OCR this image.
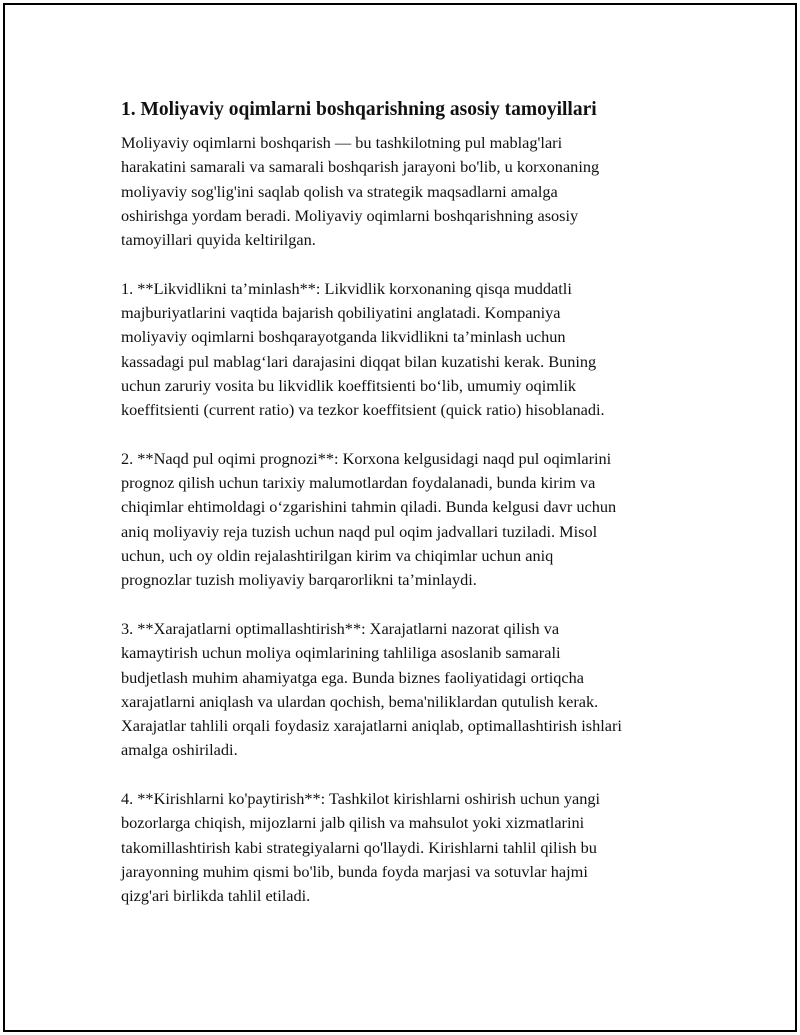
1. Moliyaviy oqimlarni boshqarishning asosiy tamoyillari
Moliyaviy oqimlarni boshqarish — bu tashkilotning pul mablag'lari
harakatini samarali va samarali boshqarish jarayoni bo'lib, u korxonaning
moliyaviy sog'lig'ini saqlab qolish va strategik maqsadlarni amalga
oshirishga yordam beradi. Moliyaviy oqimlarni boshqarishning asosiy
tamoyillari quyida keltirilgan.
1. **Likvidlikni ta’minlash**: Likvidlik korxonaning qisqa muddatli
majburiyatlarini vaqtida bajarish qobiliyatini anglatadi. Kompaniya
moliyaviy oqimlarni boshqarayotganda likvidlikni ta’minlash uchun
kassadagi pul mablag‘lari darajasini diqqat bilan kuzatishi kerak. Buning
uchun zaruriy vosita bu likvidlik koeffitsienti bo‘lib, umumiy oqimlik
koeffitsienti (current ratio) va tezkor koeffitsient (quick ratio) hisoblanadi.
2. **Naqd pul oqimi prognozi**: Korxona kelgusidagi naqd pul oqimlarini
prognoz qilish uchun tarixiy malumotlardan foydalanadi, bunda kirim va
chiqimlar ehtimoldagi o‘zgarishini tahmin qiladi. Bunda kelgusi davr uchun
aniq moliyaviy reja tuzish uchun naqd pul oqim jadvallari tuziladi. Misol
uchun, uch oy oldin rejalashtirilgan kirim va chiqimlar uchun aniq
prognozlar tuzish moliyaviy barqarorlikni ta’minlaydi.
3. **Xarajatlarni optimallashtirish**: Xarajatlarni nazorat qilish va
kamaytirish uchun moliya oqimlarining tahliliga asoslanib samarali
budjetlash muhim ahamiyatga ega. Bunda biznes faoliyatidagi ortiqcha
xarajatlarni aniqlash va ulardan qochish, bema'niliklardan qutulish kerak.
Xarajatlar tahlili orqali foydasiz xarajatlarni aniqlab, optimallashtirish ishlari
amalga oshiriladi.
4. **Kirishlarni ko'paytirish**: Tashkilot kirishlarni oshirish uchun yangi
bozorlarga chiqish, mijozlarni jalb qilish va mahsulot yoki xizmatlarini
takomillashtirish kabi strategiyalarni qo'llaydi. Kirishlarni tahlil qilish bu
jarayonning muhim qismi bo'lib, bunda foyda marjasi va sotuvlar hajmi
qizg'ari birlikda tahlil etiladi.
